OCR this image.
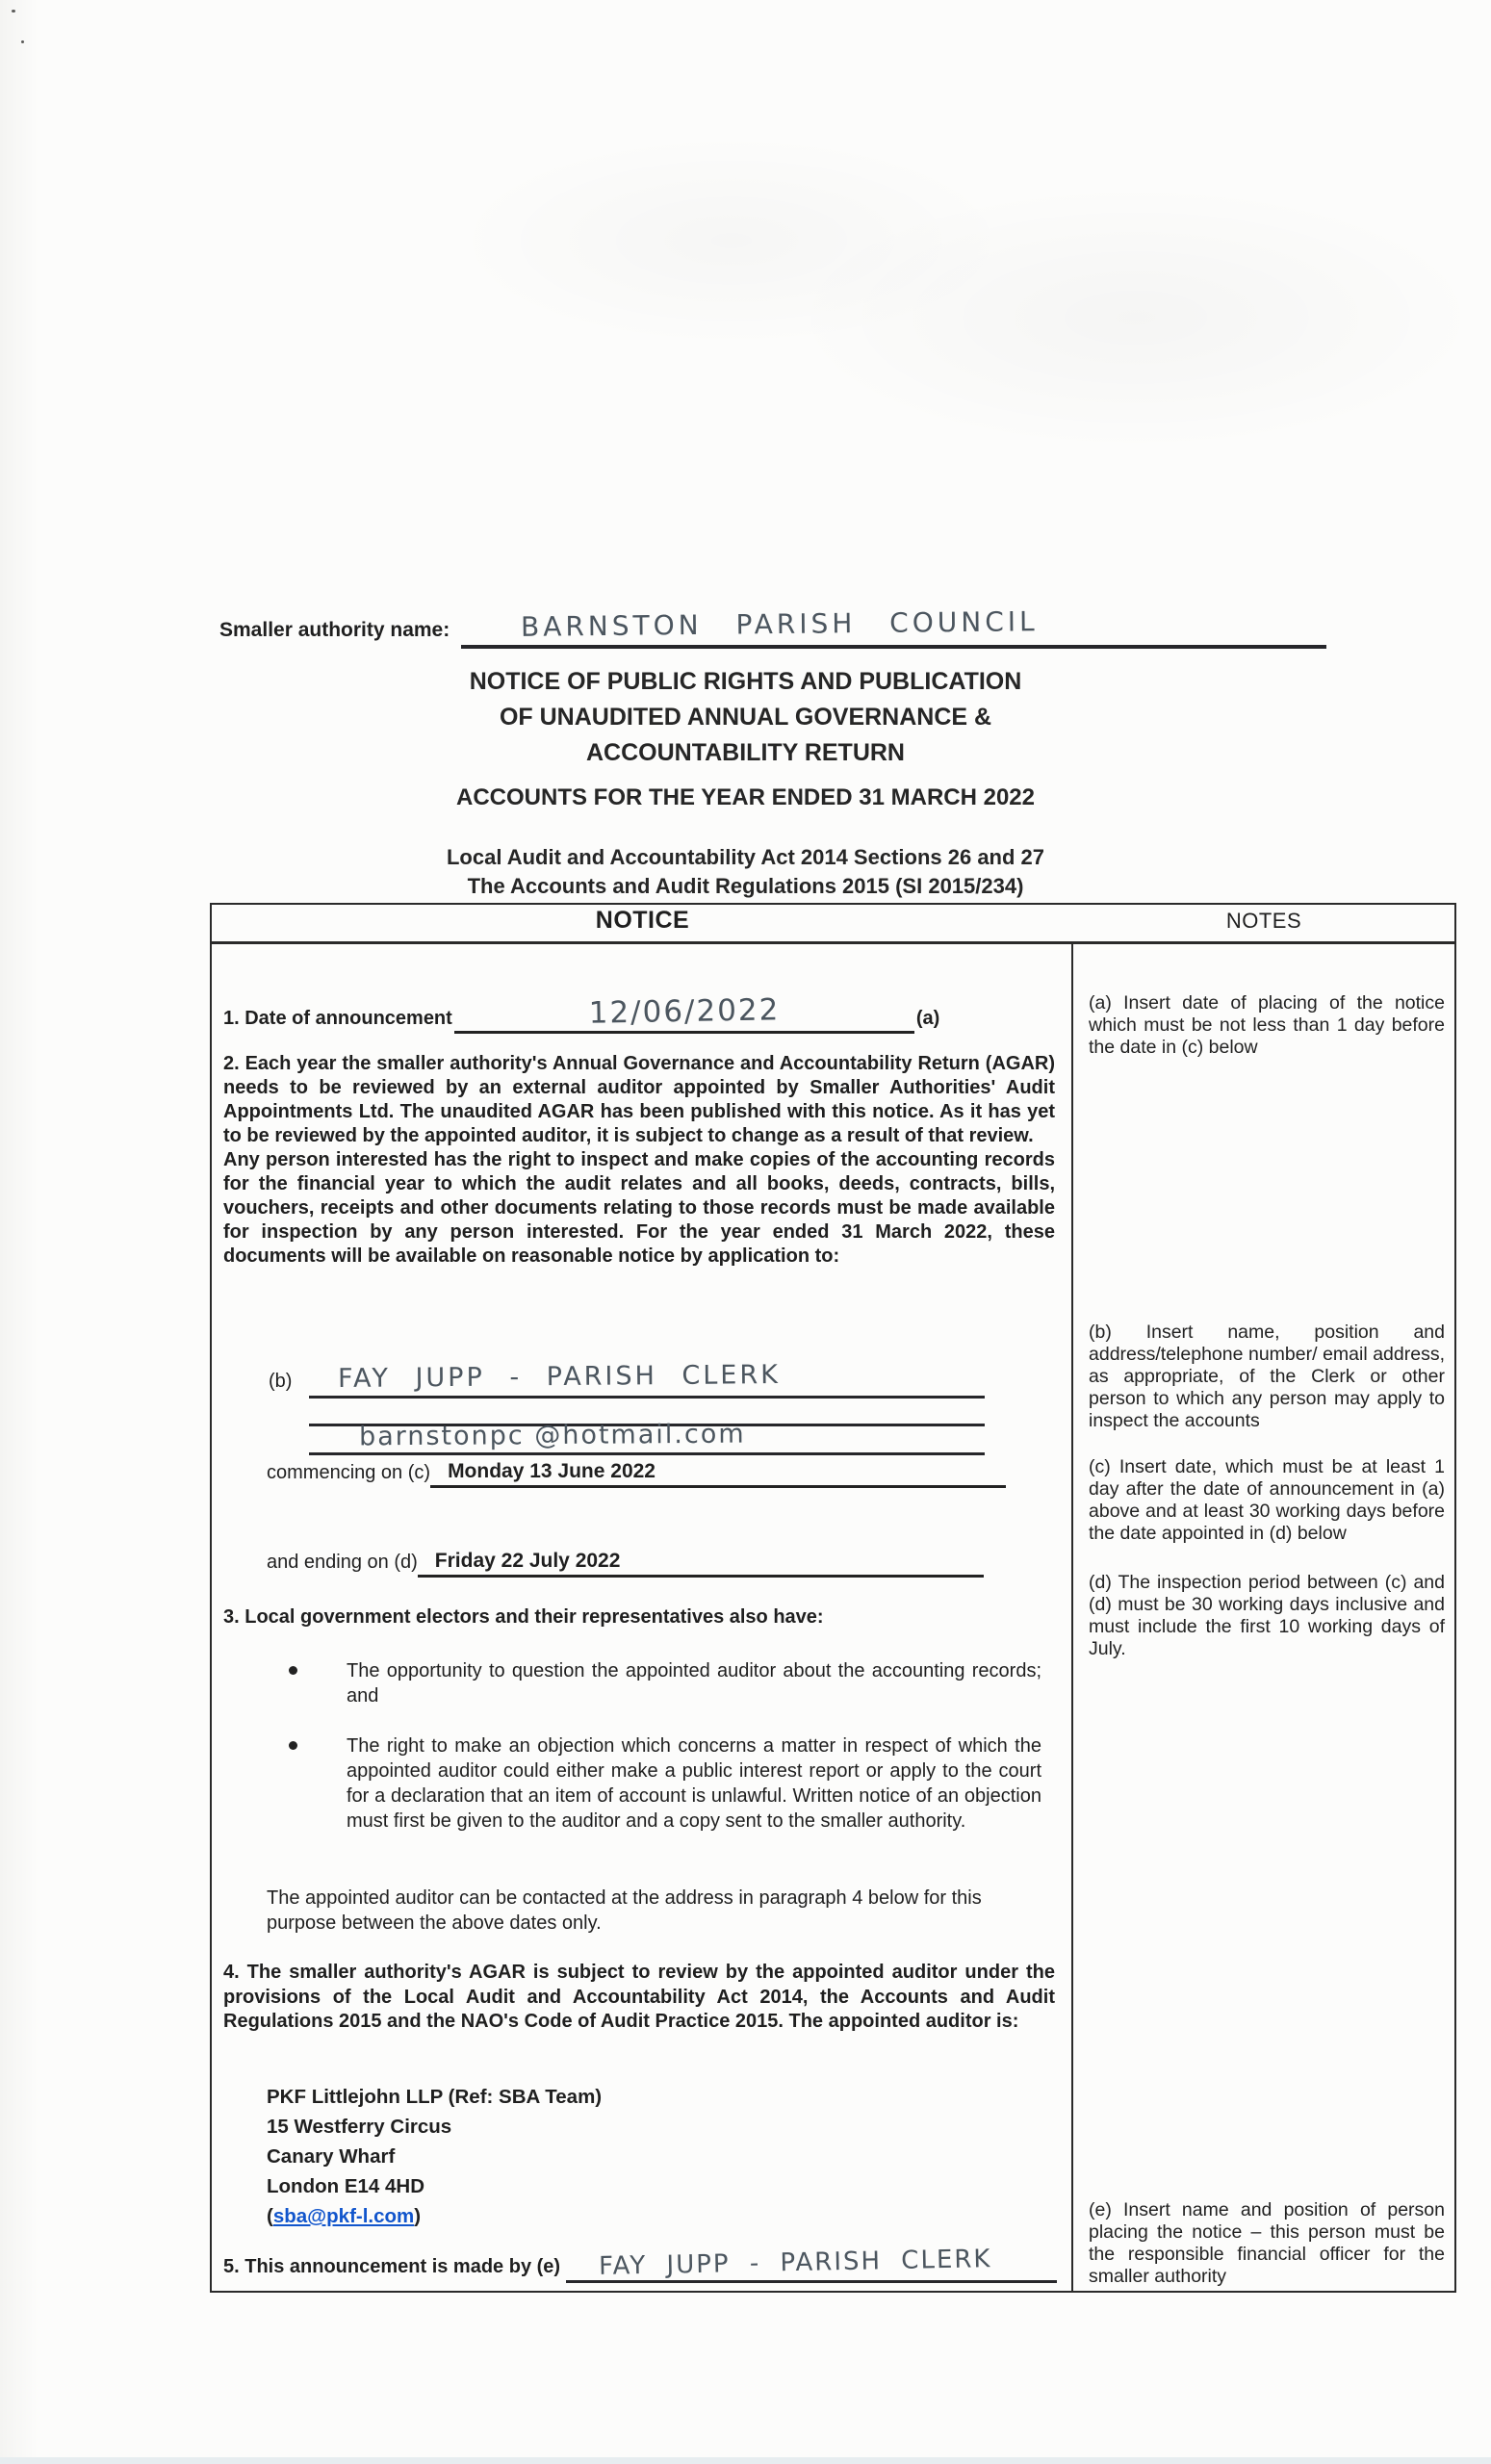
Smaller authority name:	BARNSTON PARISH COUNCIL
NOTICE OF PUBLIC RIGHTS AND PUBLICATION
OF UNAUDITED ANNUAL GOVERNANCE &
ACCOUNTABILITY RETURN
ACCOUNTS FOR THE YEAR ENDED 31 MARCH 2022
Local Audit and Accountability Act 2014 Sections 26 and 27
The Accounts and Audit Regulations 2015 (SI 2015/234)
NOTICE	NOTES
1. Date of announcement	12/06/2022	(a)

2. Each year the smaller authority's Annual Governance and Accountability Return (AGAR) needs to be reviewed by an external auditor appointed by Smaller Authorities' Audit Appointments Ltd. The unaudited AGAR has been published with this notice. As it has yet to be reviewed by the appointed auditor, it is subject to change as a result of that review.

Any person interested has the right to inspect and make copies of the accounting records for the financial year to which the audit relates and all books, deeds, contracts, bills, vouchers, receipts and other documents relating to those records must be made available for inspection by any person interested. For the year ended 31 March 2022, these documents will be available on reasonable notice by application to:

(b)	FAY JUPP - PARISH CLERK
barnstonpc @hotmail.com
commencing on (c) Monday 13 June 2022
and ending on (d) Friday 22 July 2022
3. Local government electors and their representatives also have:

The opportunity to question the appointed auditor about the accounting records; and

The right to make an objection which concerns a matter in respect of which the appointed auditor could either make a public interest report or apply to the court for a declaration that an item of account is unlawful. Written notice of an objection must first be given to the auditor and a copy sent to the smaller authority.

The appointed auditor can be contacted at the address in paragraph 4 below for this purpose between the above dates only.

4. The smaller authority's AGAR is subject to review by the appointed auditor under the provisions of the Local Audit and Accountability Act 2014, the Accounts and Audit Regulations 2015 and the NAO's Code of Audit Practice 2015. The appointed auditor is:

PKF Littlejohn LLP (Ref: SBA Team)

15 Westferry Circus

Canary Wharf

London E14 4HD

(sba@pkf-l.com)

5. This announcement is made by (e) FAY JUPP - PARISH CLERK

(a) Insert date of placing of the notice which must be not less than 1 day before the date in (c) below

(b) Insert name, position and address/telephone number/ email address, as appropriate, of the Clerk or other person to which any person may apply to inspect the accounts

(c) Insert date, which must be at least 1 day after the date of announcement in (a) above and at least 30 working days before the date appointed in (d) below

(d) The inspection period between (c) and (d) must be 30 working days inclusive and must include the first 10 working days of July.

(e) Insert name and position of person placing the notice – this person must be the responsible financial officer for the smaller authority
